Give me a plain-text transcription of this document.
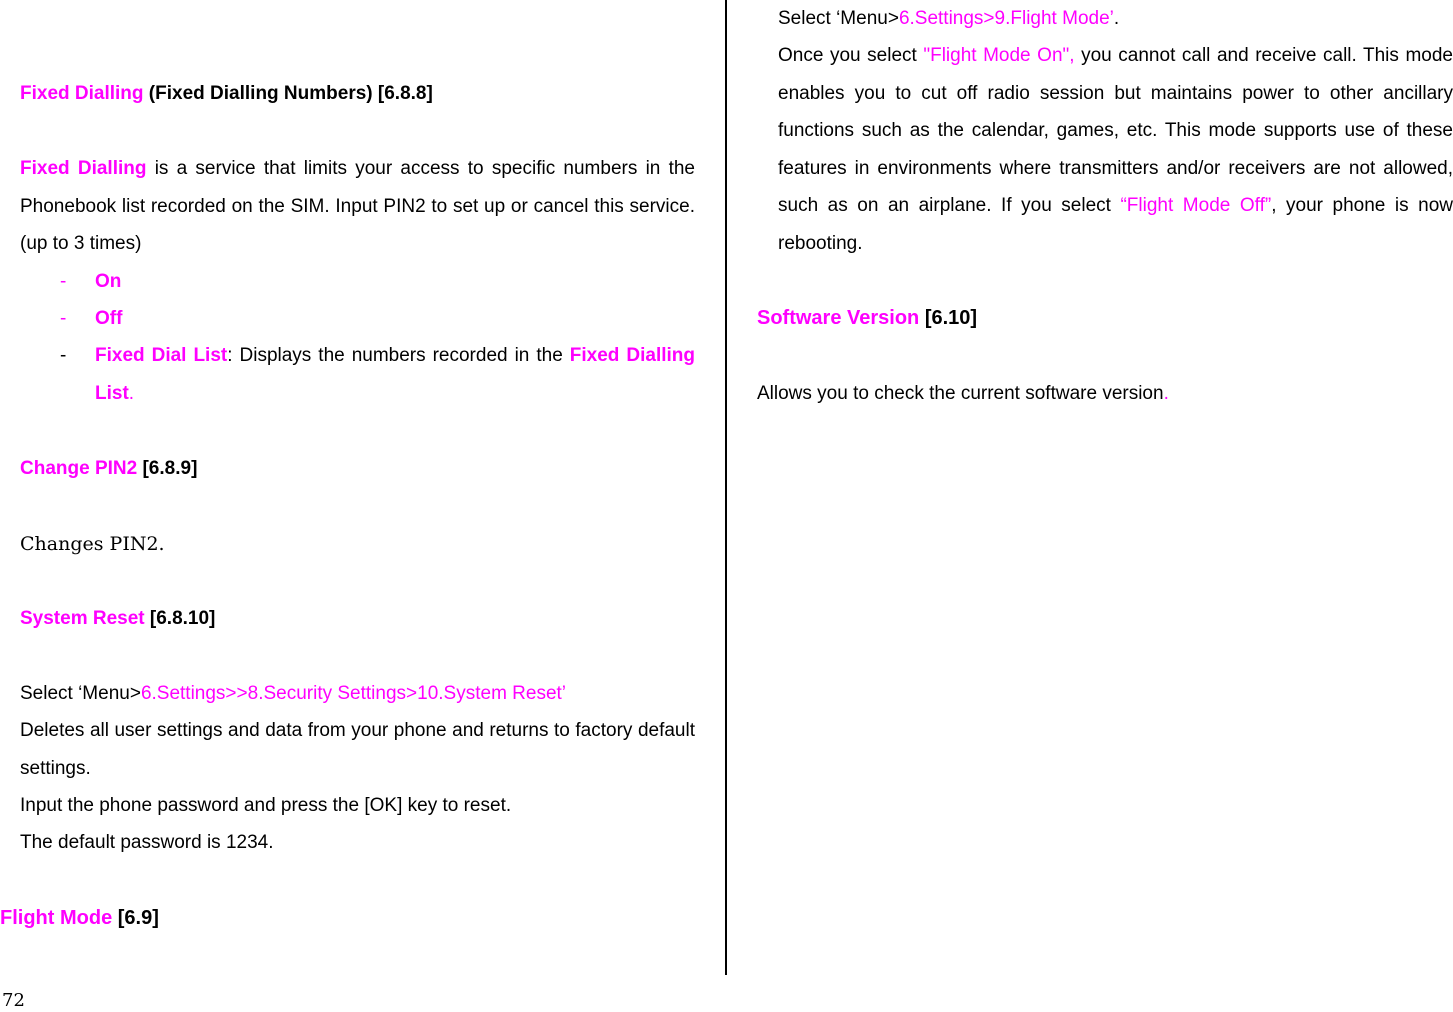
Fixed Dialling (Fixed Dialling Numbers) [6.8.8]
Fixed Dialling is a service that limits your access to specific numbers in the Phonebook list recorded on the SIM. Input PIN2 to set up or cancel this service. (up to 3 times)
- On
- Off
- Fixed Dial List: Displays the numbers recorded in the Fixed Dialling List.
Change PIN2 [6.8.9]
Changes PIN2.
System Reset [6.8.10]
Select ‘Menu>6.Settings>>8.Security Settings>10.System Reset’
Deletes all user settings and data from your phone and returns to factory default settings.
Input the phone password and press the [OK] key to reset.
The default password is 1234.
Flight Mode [6.9]
72
Select ‘Menu>6.Settings>9.Flight Mode’.
Once you select "Flight Mode On", you cannot call and receive call. This mode enables you to cut off radio session but maintains power to other ancillary functions such as the calendar, games, etc. This mode supports use of these features in environments where transmitters and/or receivers are not allowed, such as on an airplane. If you select “Flight Mode Off”, your phone is now rebooting.
Software Version [6.10]
Allows you to check the current software version.
